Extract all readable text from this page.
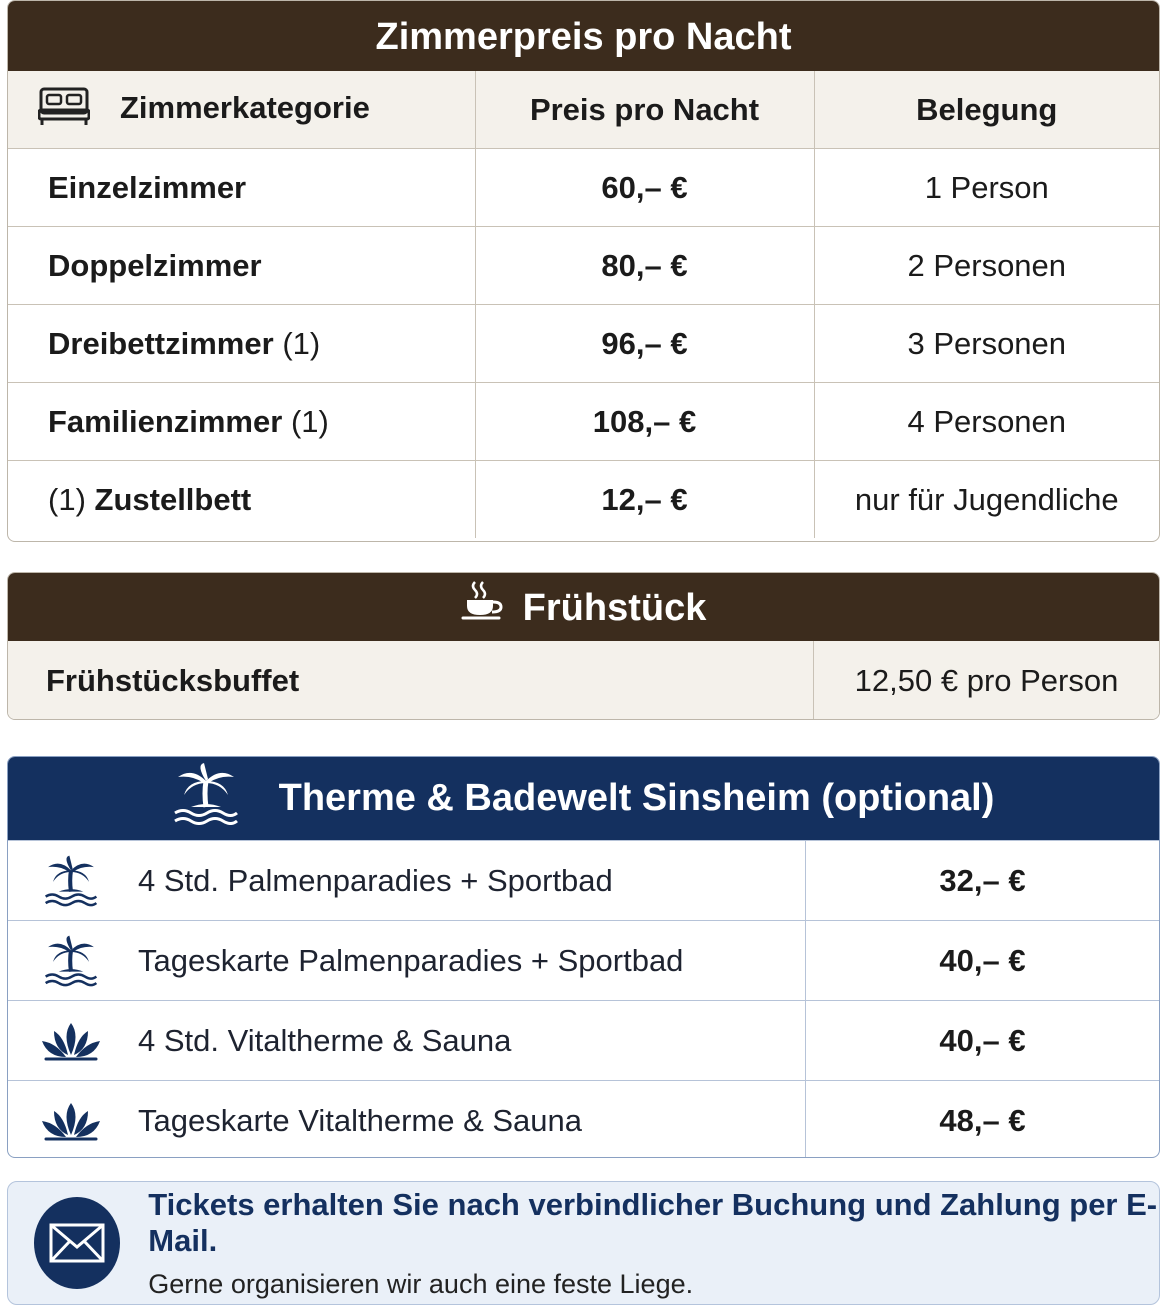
Zimmerpreis pro Nacht
Zimmerkategorie	Preis pro Nacht	Belegung
Einzelzimmer	60,– €	1 Person
Doppelzimmer	80,– €	2 Personen
Dreibettzimmer (1)	96,– €	3 Personen
Familienzimmer (1)	108,– €	4 Personen
(1) Zustellbett	12,– €	nur für Jugendliche
Frühstück
Frühstücksbuffet	12,50 € pro Person
Therme & Badewelt Sinsheim (optional)
4 Std. Palmenparadies + Sportbad	32,– €
Tageskarte Palmenparadies + Sportbad	40,– €
4 Std. Vitaltherme & Sauna	40,– €
Tageskarte Vitaltherme & Sauna	48,– €
Tickets erhalten Sie nach verbindlicher Buchung und Zahlung per E-Mail.
Gerne organisieren wir auch eine feste Liege.
